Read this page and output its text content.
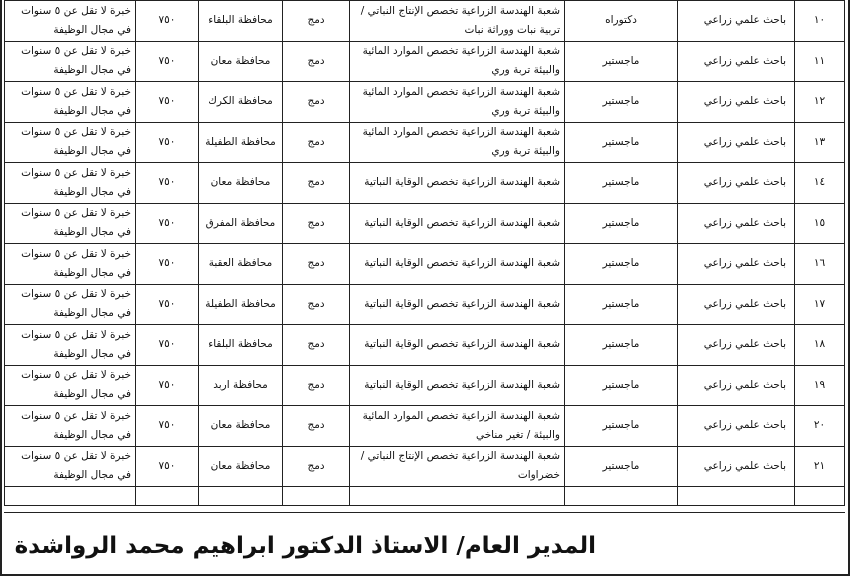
١٠	باحث علمي زراعي	دكتوراه	شعبة الهندسة الزراعية تخصص الإنتاج النباتي / تربية نبات ووراثة نبات	دمج	محافظة البلقاء	٧٥٠	خبرة لا تقل عن ٥ سنوات في مجال الوظيفة
١١	باحث علمي زراعي	ماجستير	شعبة الهندسة الزراعية تخصص الموارد المائية والبيئة تربة وري	دمج	محافظة معان	٧٥٠	خبرة لا تقل عن ٥ سنوات في مجال الوظيفة
١٢	باحث علمي زراعي	ماجستير	شعبة الهندسة الزراعية تخصص الموارد المائية والبيئة تربة وري	دمج	محافظة الكرك	٧٥٠	خبرة لا تقل عن ٥ سنوات في مجال الوظيفة
١٣	باحث علمي زراعي	ماجستير	شعبة الهندسة الزراعية تخصص الموارد المائية والبيئة تربة وري	دمج	محافظة الطفيلة	٧٥٠	خبرة لا تقل عن ٥ سنوات في مجال الوظيفة
١٤	باحث علمي زراعي	ماجستير	شعبة الهندسة الزراعية تخصص الوقاية النباتية	دمج	محافظة معان	٧٥٠	خبرة لا تقل عن ٥ سنوات في مجال الوظيفة
١٥	باحث علمي زراعي	ماجستير	شعبة الهندسة الزراعية تخصص الوقاية النباتية	دمج	محافظة المفرق	٧٥٠	خبرة لا تقل عن ٥ سنوات في مجال الوظيفة
١٦	باحث علمي زراعي	ماجستير	شعبة الهندسة الزراعية تخصص الوقاية النباتية	دمج	محافظة العقبة	٧٥٠	خبرة لا تقل عن ٥ سنوات في مجال الوظيفة
١٧	باحث علمي زراعي	ماجستير	شعبة الهندسة الزراعية تخصص الوقاية النباتية	دمج	محافظة الطفيلة	٧٥٠	خبرة لا تقل عن ٥ سنوات في مجال الوظيفة
١٨	باحث علمي زراعي	ماجستير	شعبة الهندسة الزراعية تخصص الوقاية النباتية	دمج	محافظة البلقاء	٧٥٠	خبرة لا تقل عن ٥ سنوات في مجال الوظيفة
١٩	باحث علمي زراعي	ماجستير	شعبة الهندسة الزراعية تخصص الوقاية النباتية	دمج	محافظة اربد	٧٥٠	خبرة لا تقل عن ٥ سنوات في مجال الوظيفة
٢٠	باحث علمي زراعي	ماجستير	شعبة الهندسة الزراعية تخصص الموارد المائية والبيئة / تغير مناخي	دمج	محافظة معان	٧٥٠	خبرة لا تقل عن ٥ سنوات في مجال الوظيفة
٢١	باحث علمي زراعي	ماجستير	شعبة الهندسة الزراعية تخصص الإنتاج النباتي /خضراوات	دمج	محافظة معان	٧٥٠	خبرة لا تقل عن ٥ سنوات في مجال الوظيفة

المدير العام/ الاستاذ الدكتور ابراهيم محمد الرواشدة
